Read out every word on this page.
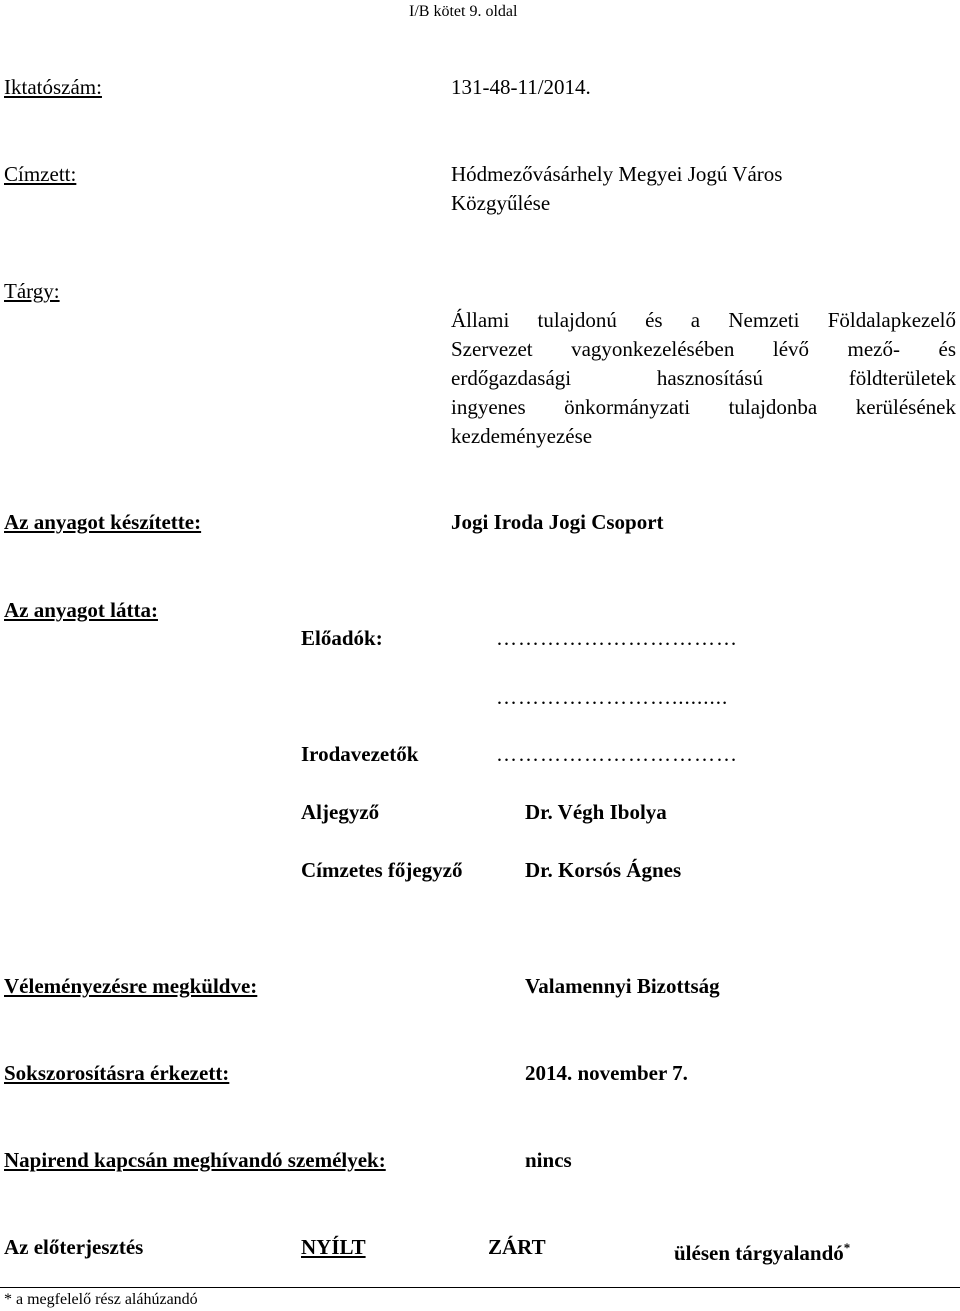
I/B kötet 9. oldal
Iktatószám:	131-48-11/2014.
Címzett:	Hódmezővásárhely Megyei Jogú Város
Közgyűlése
Tárgy:
Állami tulajdonú és a Nemzeti Földalapkezelő
Szervezet vagyonkezelésében lévő mező- és
erdőgazdasági hasznosítású földterületek
ingyenes önkormányzati tulajdonba kerülésének
kezdeményezése
Az anyagot készítette:	Jogi Iroda Jogi Csoport
Az anyagot látta:
Előadók:	……………………………
…………………….........
Irodavezetők	……………………………
Aljegyző	Dr. Végh Ibolya
Címzetes főjegyző	Dr. Korsós Ágnes
Véleményezésre megküldve:	Valamennyi Bizottság
Sokszorosításra érkezett:	2014. november 7.
Napirend kapcsán meghívandó személyek:	nincs
Az előterjesztés	NYÍLT	ZÁRT	ülésen tárgyalandó*
* a megfelelő rész aláhúzandó
